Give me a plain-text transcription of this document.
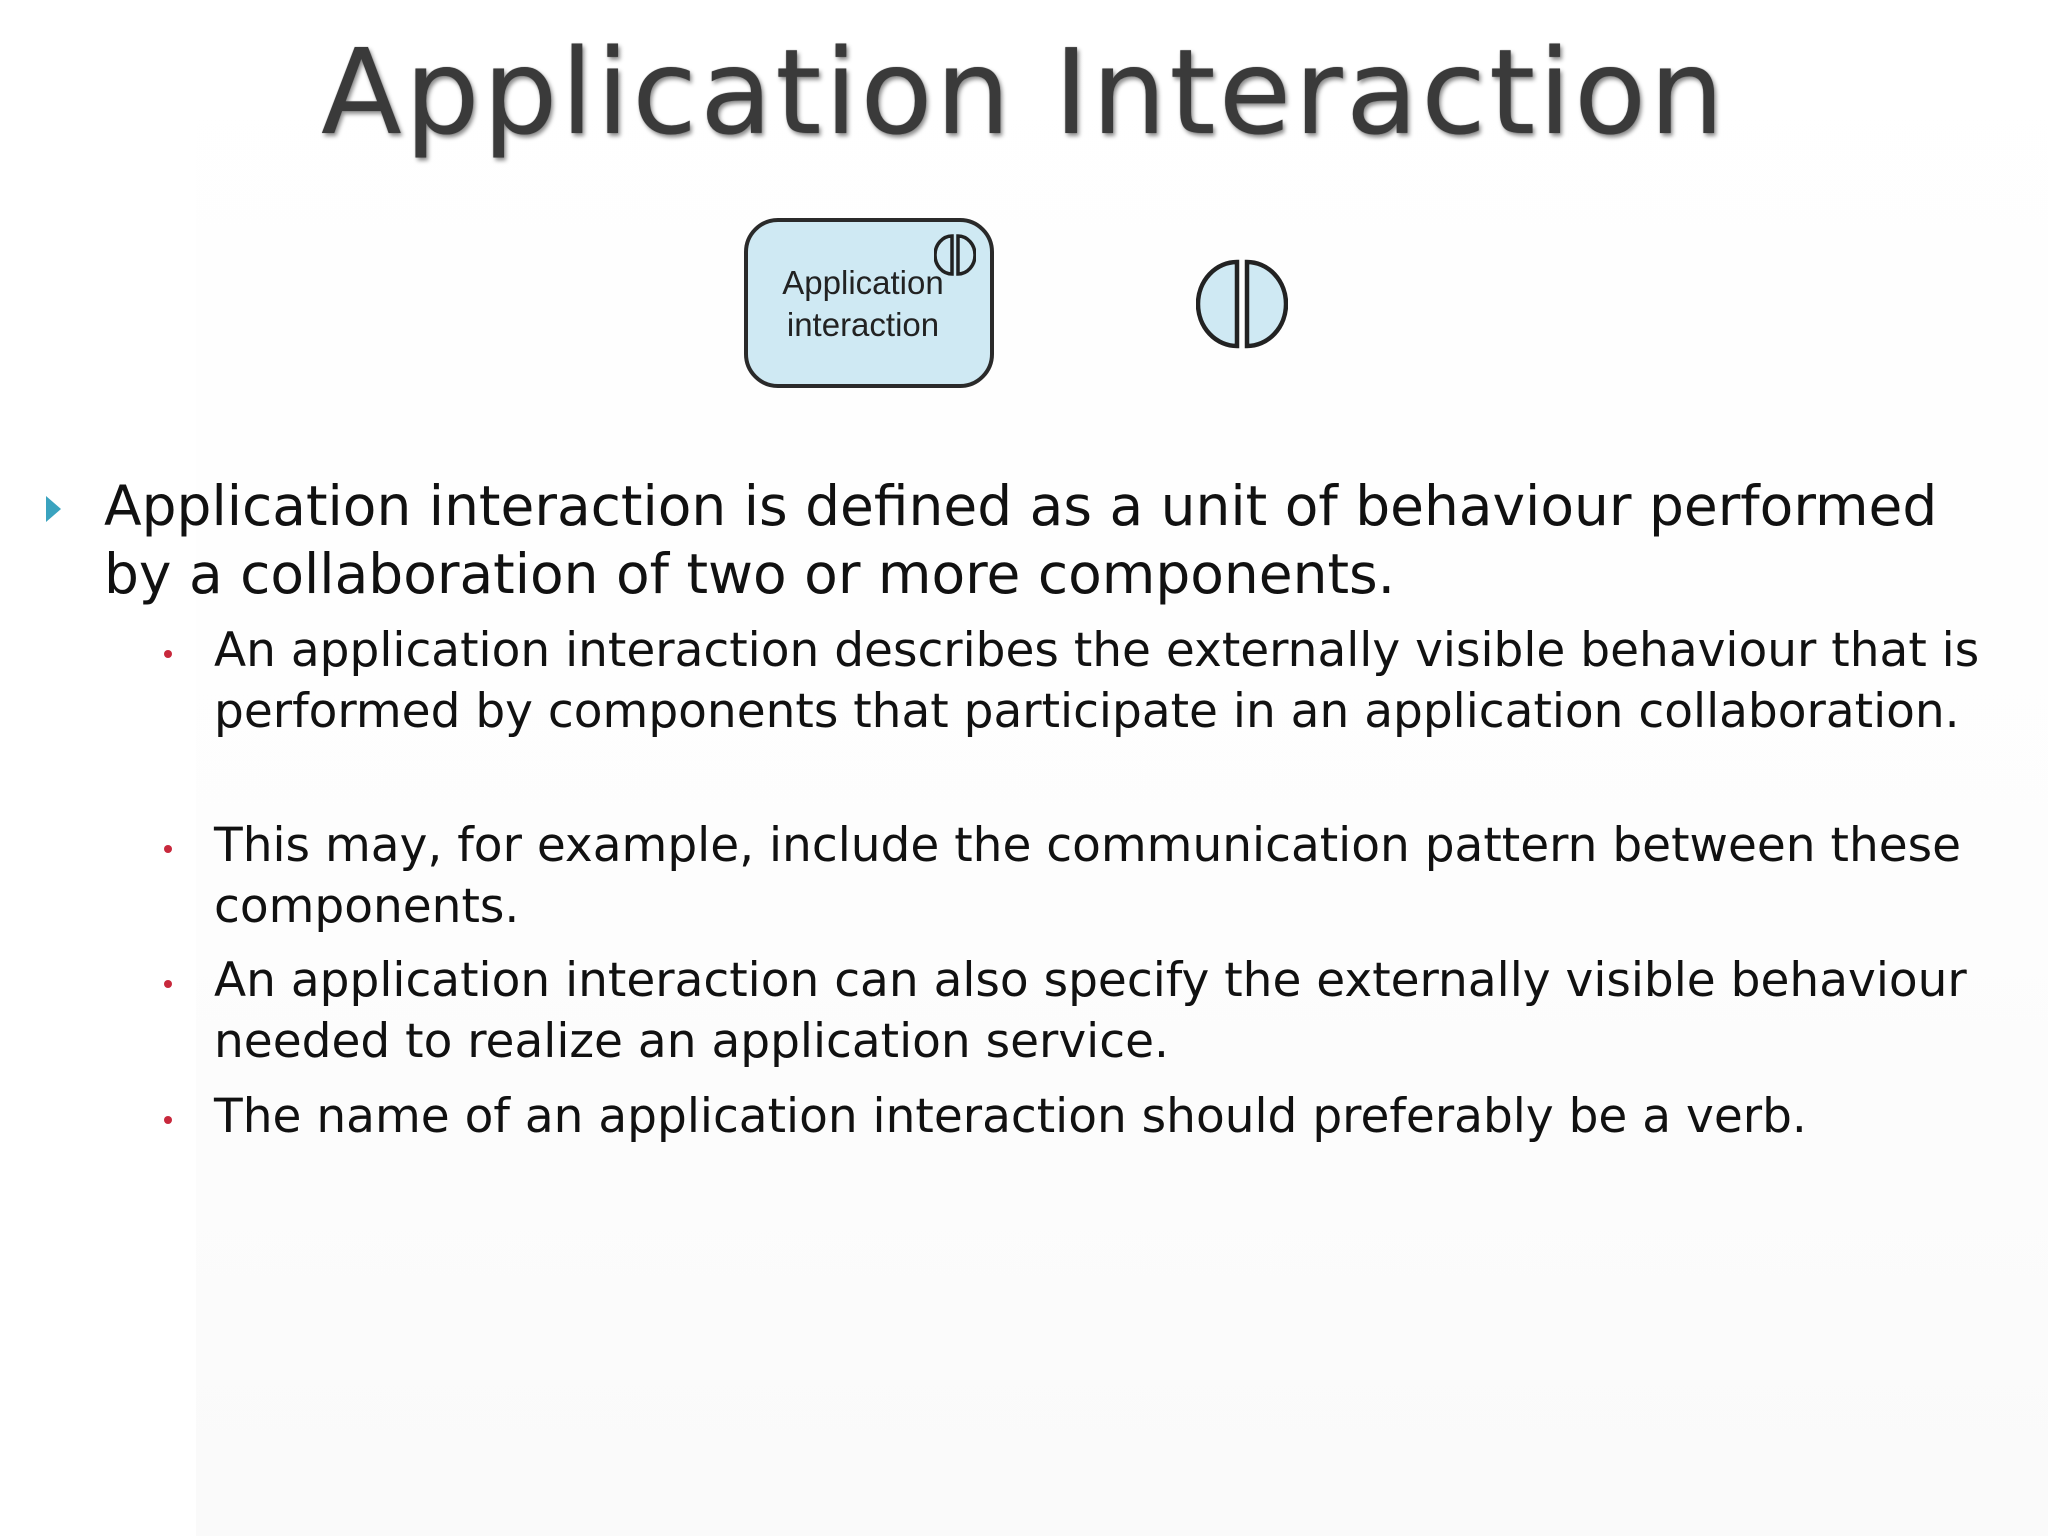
Application Interaction
Application
interaction
Application interaction is defined as a unit of behaviour performed by a collaboration of two or more components.
An application interaction describes the externally visible behaviour that is performed by components that participate in an application collaboration.
This may, for example, include the communication pattern between these components.
An application interaction can also specify the externally visible behaviour needed to realize an application service.
The name of an application interaction should preferably be a verb.
